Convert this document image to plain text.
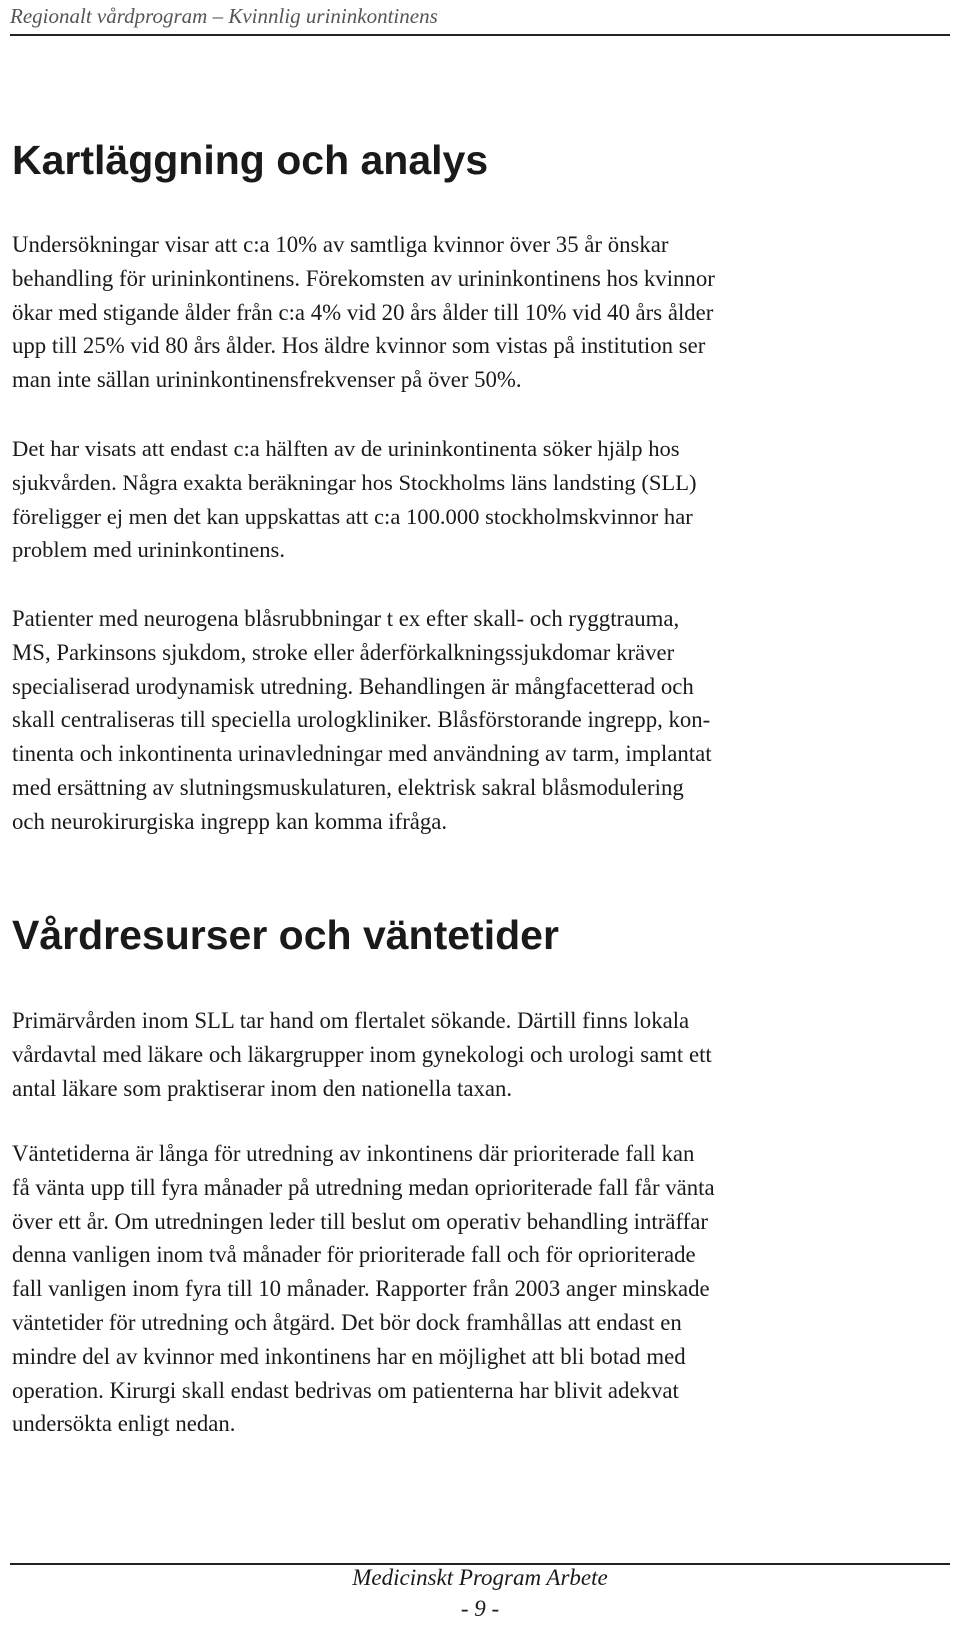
Regionalt vårdprogram – Kvinnlig urininkontinens
Kartläggning och analys
Undersökningar visar att c:a 10% av samtliga kvinnor över 35 år önskar
behandling för urininkontinens. Förekomsten av urininkontinens hos kvinnor
ökar med stigande ålder från c:a 4% vid 20 års ålder till 10% vid 40 års ålder
upp till 25% vid 80 års ålder. Hos äldre kvinnor som vistas på institution ser
man inte sällan urininkontinensfrekvenser på över 50%.
Det har visats att endast c:a hälften av de urininkontinenta söker hjälp hos
sjukvården. Några exakta beräkningar hos Stockholms läns landsting (SLL)
föreligger ej men det kan uppskattas att c:a 100.000 stockholmskvinnor har
problem med urininkontinens.
Patienter med neurogena blåsrubbningar t ex efter skall- och ryggtrauma,
MS, Parkinsons sjukdom, stroke eller åderförkalkningssjukdomar kräver
specialiserad urodynamisk utredning. Behandlingen är mångfacetterad och
skall centraliseras till speciella urologkliniker. Blåsförstorande ingrepp, kon-
tinenta och inkontinenta urinavledningar med användning av tarm, implantat
med ersättning av slutningsmuskulaturen, elektrisk sakral blåsmodulering
och neurokirurgiska ingrepp kan komma ifråga.
Vårdresurser och väntetider
Primärvården inom SLL tar hand om flertalet sökande. Därtill finns lokala
vårdavtal med läkare och läkargrupper inom gynekologi och urologi samt ett
antal läkare som praktiserar inom den nationella taxan.
Väntetiderna är långa för utredning av inkontinens där prioriterade fall kan
få vänta upp till fyra månader på utredning medan oprioriterade fall får vänta
över ett år. Om utredningen leder till beslut om operativ behandling inträffar
denna vanligen inom två månader för prioriterade fall och för oprioriterade
fall vanligen inom fyra till 10 månader. Rapporter från 2003 anger minskade
väntetider för utredning och åtgärd. Det bör dock framhållas att endast en
mindre del av kvinnor med inkontinens har en möjlighet att bli botad med
operation. Kirurgi skall endast bedrivas om patienterna har blivit adekvat
undersökta enligt nedan.
Medicinskt Program Arbete
- 9 -
